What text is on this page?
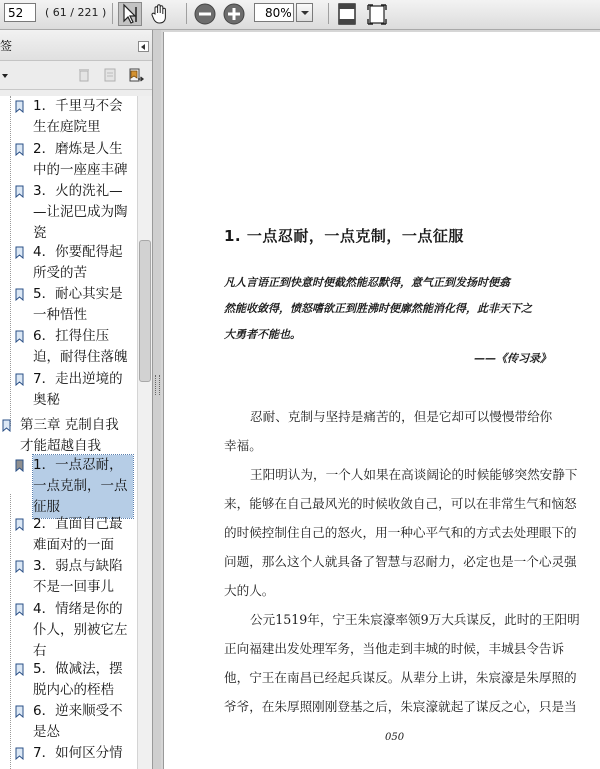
52	( 61 / 221 )	80%
签
1．千里马不会
生在庭院里
2．磨炼是人生
中的一座座丰碑
3．火的洗礼—
—让泥巴成为陶
瓷
4．你要配得起
所受的苦
5．耐心其实是
一种悟性
6．扛得住压
迫，耐得住落魄
7．走出逆境的
奥秘
第三章 克制自我
才能超越自我
1．一点忍耐，
一点克制，一点
征服
2．直面自己最
难面对的一面
3．弱点与缺陷
不是一回事儿
4．情绪是你的
仆人，别被它左
右
5．做减法，摆
脱内心的桎梏
6．逆来顺受不
是怂
7．如何区分情
1. 一点忍耐，一点克制，一点征服
凡人言语正到快意时便截然能忍默得，意气正到发扬时便翕
然能收敛得，愤怒嗜欲正到胜沸时便廓然能消化得，此非天下之
大勇者不能也。
——《传习录》
050
忍耐、克制与坚持是痛苦的，但是它却可以慢慢带给你
幸福。
王阳明认为，一个人如果在高谈阔论的时候能够突然安静下
来，能够在自己最风光的时候收敛自己，可以在非常生气和恼怒
的时候控制住自己的怒火，用一种心平气和的方式去处理眼下的
问题，那么这个人就具备了智慧与忍耐力，必定也是一个心灵强
大的人。
公元1519年，宁王朱宸濠率领9万大兵谋反，此时的王阳明
正向福建出发处理军务，当他走到丰城的时候，丰城县令告诉
他，宁王在南昌已经起兵谋反。从辈分上讲，朱宸濠是朱厚照的
爷爷，在朱厚照刚刚登基之后，朱宸濠就起了谋反之心，只是当
